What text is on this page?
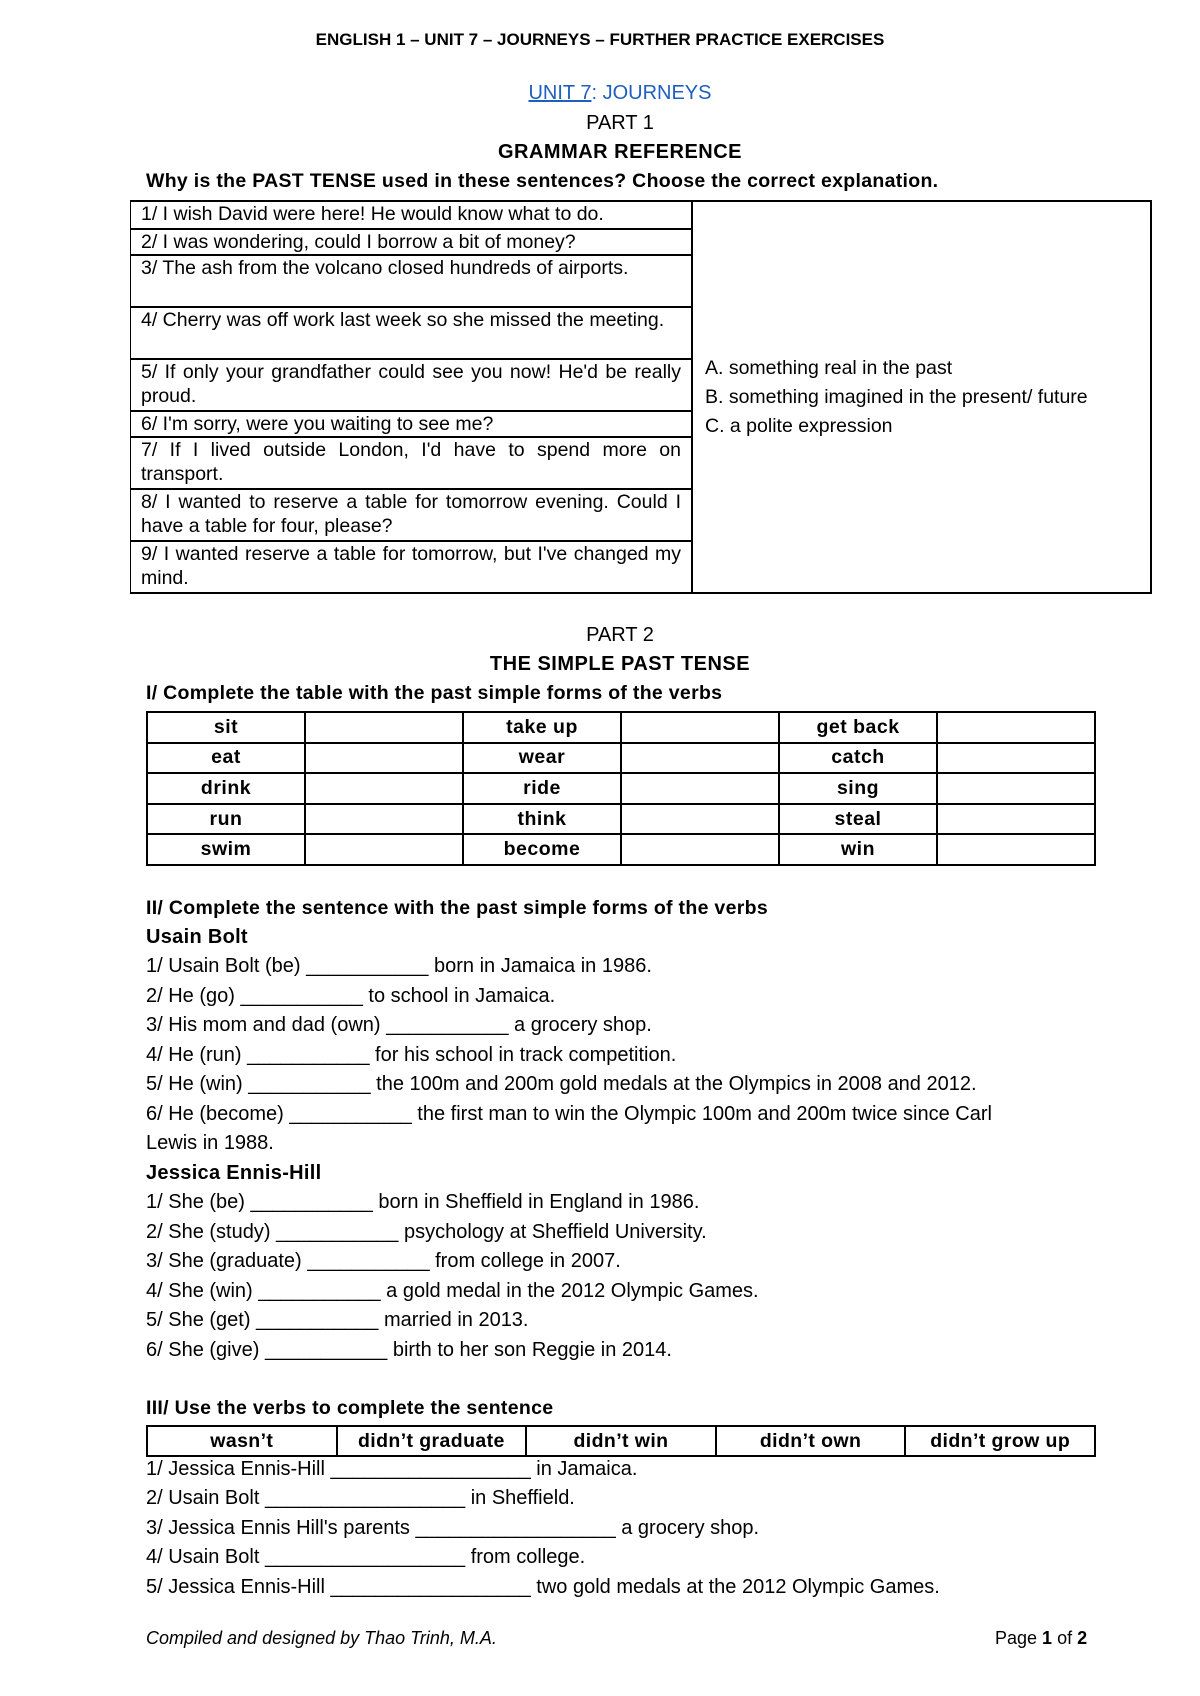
ENGLISH 1 – UNIT 7 – JOURNEYS – FURTHER PRACTICE EXERCISES
UNIT 7: JOURNEYS
PART 1
GRAMMAR REFERENCE
Why is the PAST TENSE used in these sentences? Choose the correct explanation.
1/ I wish David were here! He would know what to do.	
A. something real in the past
B. something imagined in the present/ future
C. a polite expression

2/ I was wondering, could I borrow a bit of money?
3/ The ash from the volcano closed hundreds of airports.
4/ Cherry was off work last week so she missed the meeting.
5/ If only your grandfather could see you now! He'd be really proud.
6/ I'm sorry, were you waiting to see me?
7/ If I lived outside London, I'd have to spend more on transport.
8/ I wanted to reserve a table for tomorrow evening. Could I have a table for four, please?
9/ I wanted reserve a table for tomorrow, but I've changed my mind.
PART 2
THE SIMPLE PAST TENSE
I/ Complete the table with the past simple forms of the verbs
sit		take up		get back	
eat		wear		catch	
drink		ride		sing	
run		think		steal	
swim		become		win	
II/ Complete the sentence with the past simple forms of the verbs
Usain Bolt
1/ Usain Bolt (be) ___________ born in Jamaica in 1986.
2/ He (go) ___________ to school in Jamaica.
3/ His mom and dad (own) ___________ a grocery shop.
4/ He (run) ___________ for his school in track competition.
5/ He (win) ___________ the 100m and 200m gold medals at the Olympics in 2008 and 2012.
6/ He (become) ___________ the first man to win the Olympic 100m and 200m twice since Carl
Lewis in 1988.
Jessica Ennis-Hill
1/ She (be) ___________ born in Sheffield in England in 1986.
2/ She (study) ___________ psychology at Sheffield University.
3/ She (graduate) ___________ from college in 2007.
4/ She (win) ___________ a gold medal in the 2012 Olympic Games.
5/ She (get) ___________ married in 2013.
6/ She (give) ___________ birth to her son Reggie in 2014.
III/ Use the verbs to complete the sentence
wasn’t	didn’t graduate	didn’t win	didn’t own	didn’t grow up
1/ Jessica Ennis-Hill __________________ in Jamaica.
2/ Usain Bolt __________________ in Sheffield.
3/ Jessica Ennis Hill's parents __________________ a grocery shop.
4/ Usain Bolt __________________ from college.
5/ Jessica Ennis-Hill __________________ two gold medals at the 2012 Olympic Games.
Compiled and designed by Thao Trinh, M.A.	Page 1 of 2
